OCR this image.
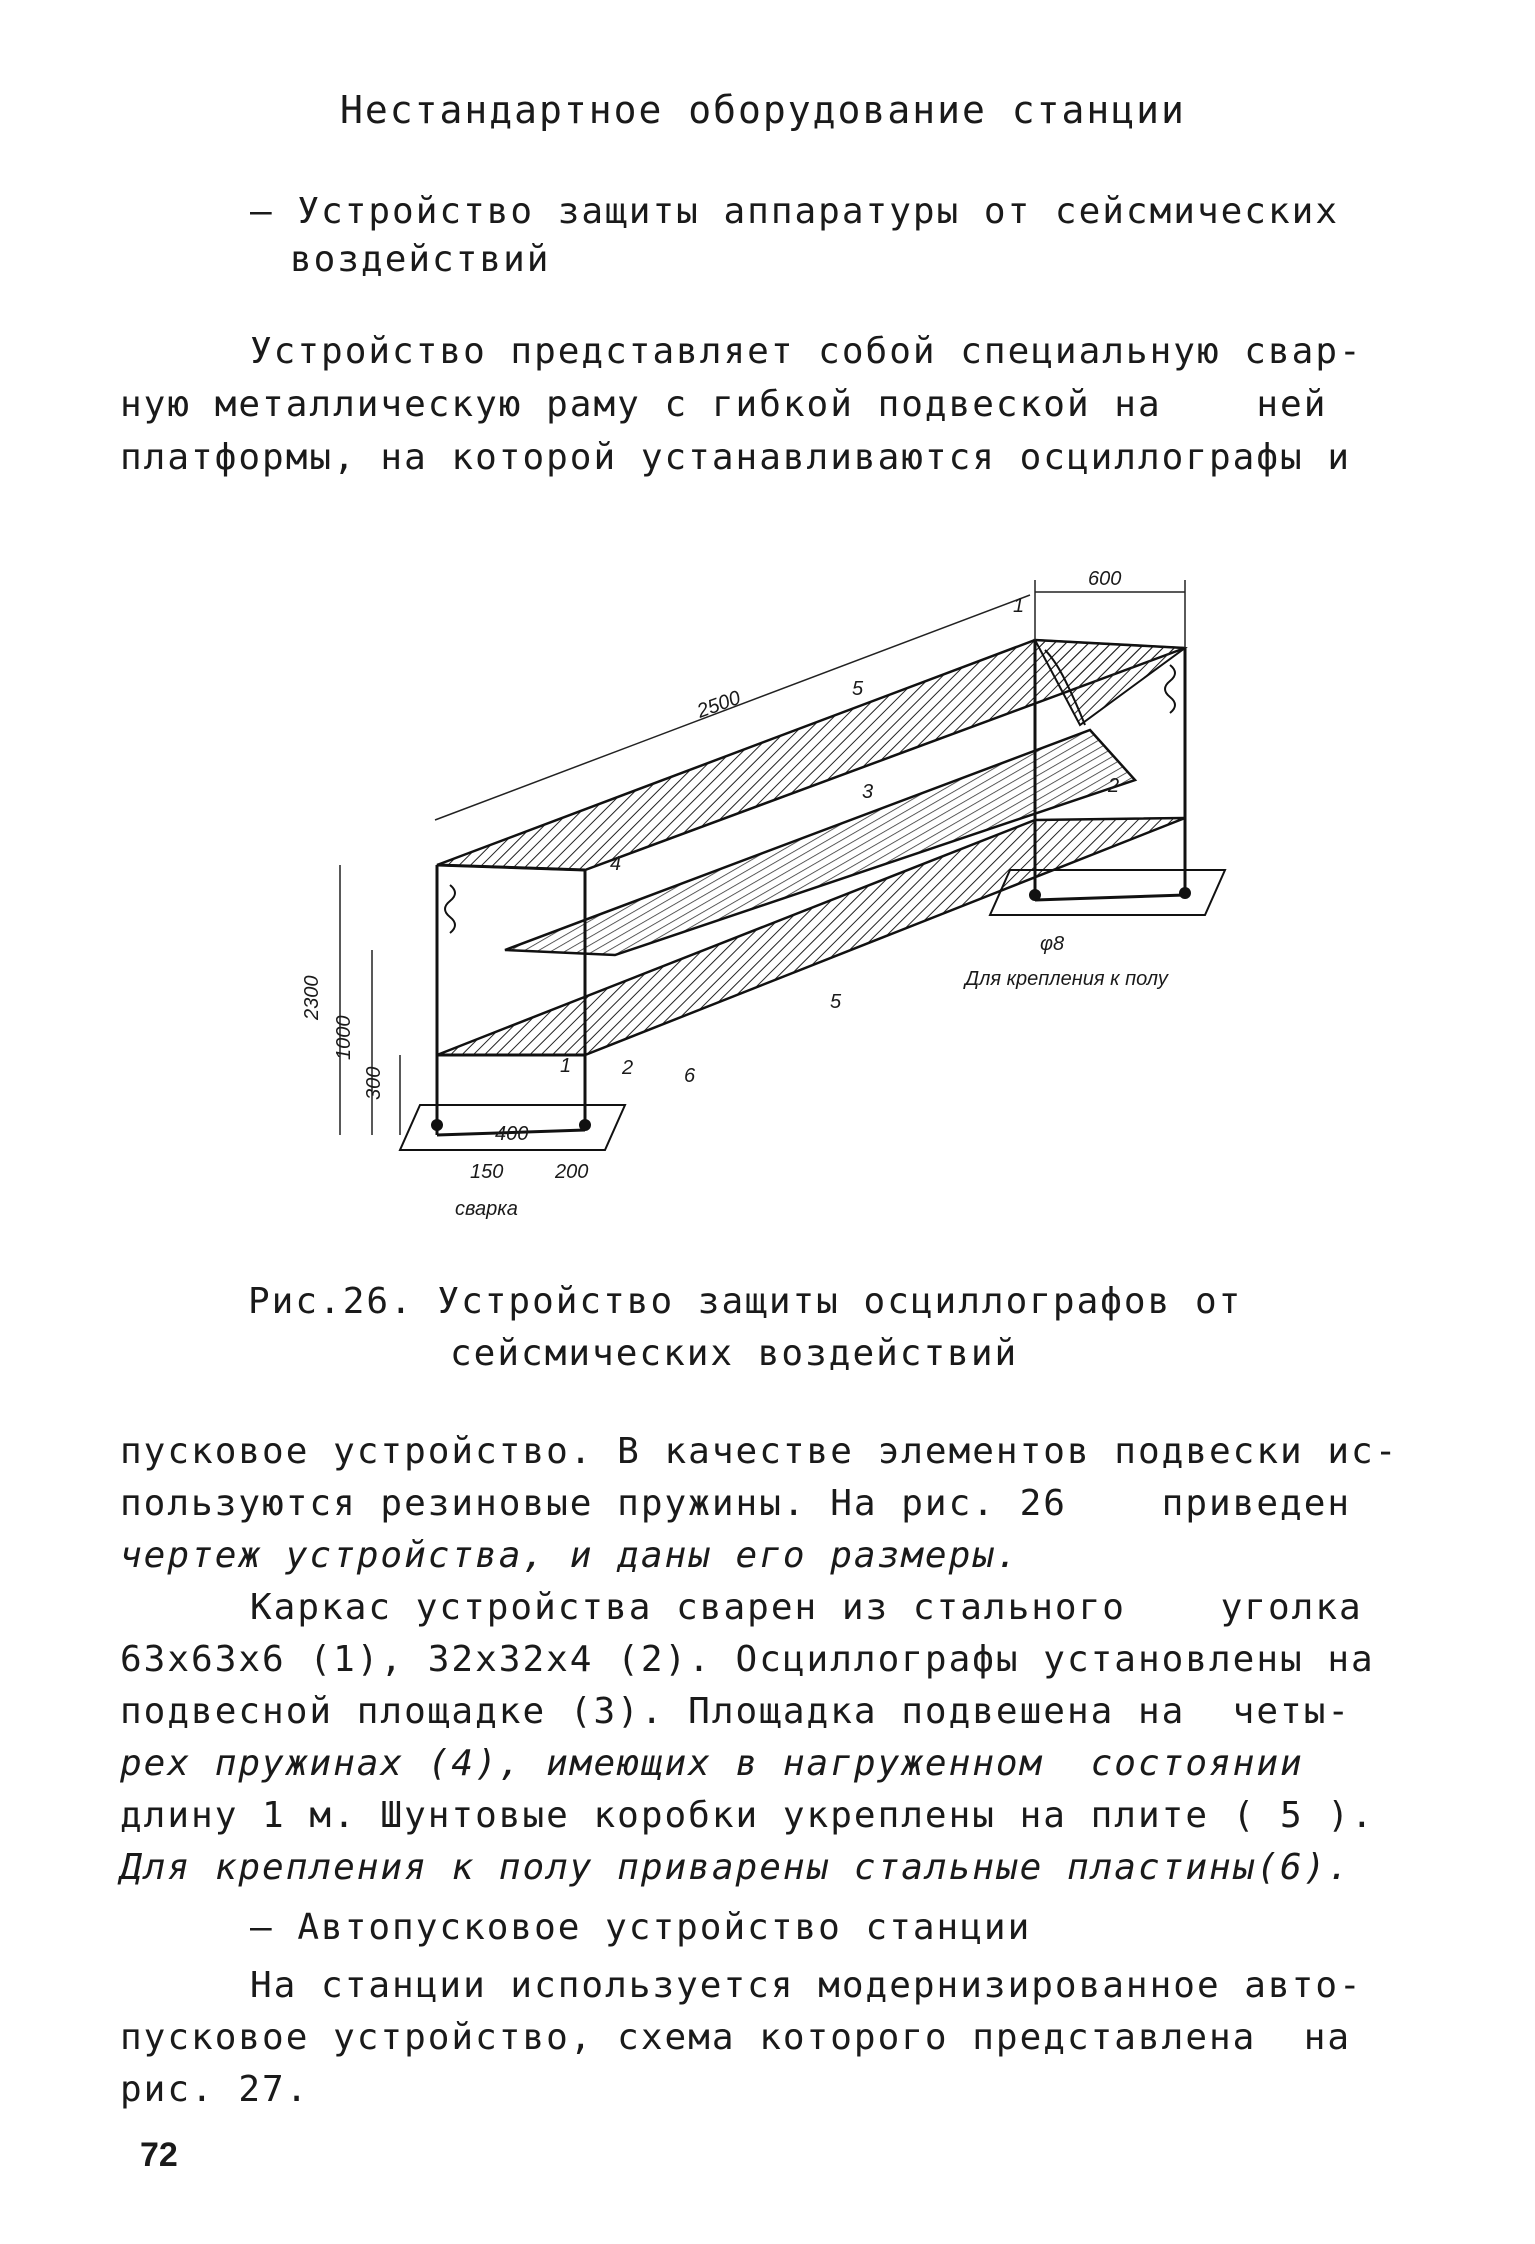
Нестандартное оборудование станции
– Устройство защиты аппаратуры от сейсмических
воздействий
Устройство представляет собой специальную свар-
ную металлическую раму с гибкой подвеской на    ней
платформы, на которой устанавливаются осциллографы и
600
2500
2300
1000
300
400
150	200
φ8
1
2
3
4
5
5
1	2	6
Для крепления к полу
сварка
Рис.26. Устройство защиты осциллографов от
сейсмических воздействий
пусковое устройство. В качестве элементов подвески ис-
пользуются резиновые пружины. На рис. 26    приведен
чертеж устройства, и даны его размеры.
Каркас устройства сварен из стального    уголка
63х63х6 (1), 32х32х4 (2). Осциллографы установлены на
подвесной площадке (3). Площадка подвешена на  четы-
рех пружинах (4), имеющих в нагруженном  состоянии
длину 1 м. Шунтовые коробки укреплены на плите ( 5 ).
Для крепления к полу приварены стальные пластины(6).
– Автопусковое устройство станции
На станции используется модернизированное авто-
пусковое устройство, схема которого представлена  на
рис. 27.
72
